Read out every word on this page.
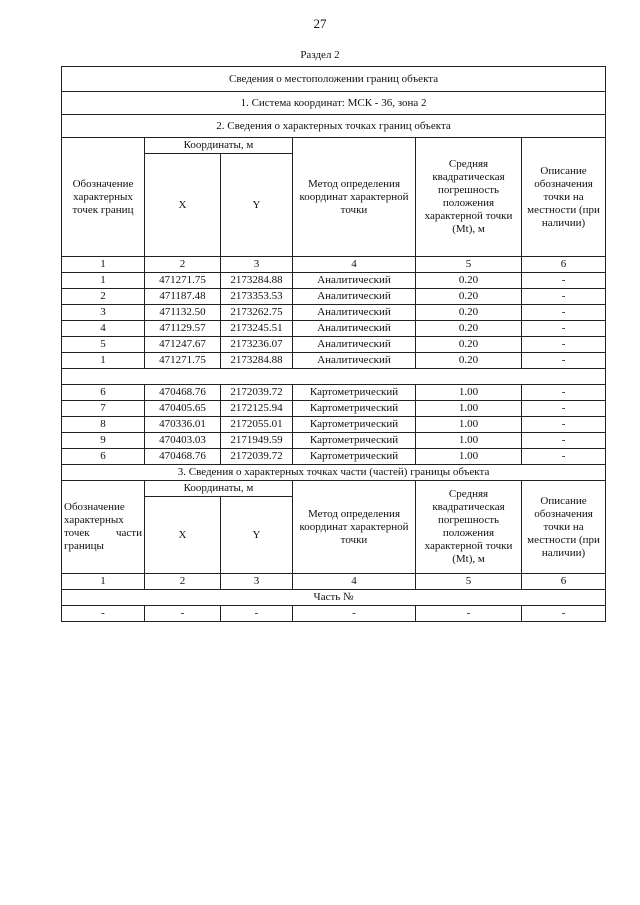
27
Раздел 2
Сведения о местоположении границ объекта					
1. Система координат: МСК - 36, зона 2					
2. Сведения о характерных точках границ объекта					
Обозначение характерных точек границ	Координаты, м		Метод определения координат характерной точки	Средняя квадратическая погрешность положения характерной точки (Mt), м	Описание обозначения точки на местности (при наличии)
	X	Y			
1	2	3	4	5	6
1	471271.75	2173284.88	Аналитический	0.20	-
2	471187.48	2173353.53	Аналитический	0.20	-
3	471132.50	2173262.75	Аналитический	0.20	-
4	471129.57	2173245.51	Аналитический	0.20	-
5	471247.67	2173236.07	Аналитический	0.20	-
1	471271.75	2173284.88	Аналитический	0.20	-

6	470468.76	2172039.72	Картометрический	1.00	-
7	470405.65	2172125.94	Картометрический	1.00	-
8	470336.01	2172055.01	Картометрический	1.00	-
9	470403.03	2171949.59	Картометрический	1.00	-
6	470468.76	2172039.72	Картометрический	1.00	-
3. Сведения о характерных точках части (частей) границы объекта					

Обозначение
характерных
точек части
границы	Координаты, м		Метод определения координат характерной точки	Средняя квадратическая погрешность положения характерной точки (Mt), м	Описание обозначения точки на местности (при наличии)
	X	Y			
1	2	3	4	5	6
Часть №					
-	-	-	-	-	-
